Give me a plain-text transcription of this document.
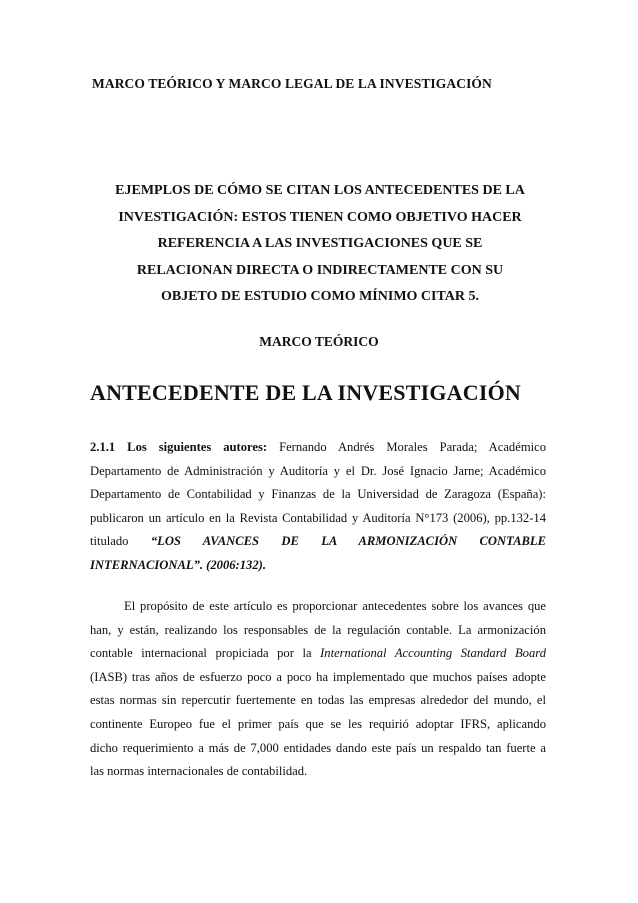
MARCO TEÓRICO Y MARCO LEGAL DE LA INVESTIGACIÓN
EJEMPLOS DE CÓMO SE CITAN LOS ANTECEDENTES DE LA
INVESTIGACIÓN: ESTOS TIENEN COMO OBJETIVO HACER
REFERENCIA A LAS INVESTIGACIONES QUE SE
RELACIONAN DIRECTA O INDIRECTAMENTE CON SU
OBJETO DE ESTUDIO COMO MÍNIMO CITAR 5.
MARCO TEÓRICO
ANTECEDENTE DE LA INVESTIGACIÓN
2.1.1 Los siguientes autores: Fernando Andrés Morales Parada; Académico
Departamento de Administración y Auditoría y el Dr. José Ignacio Jarne; Académico
Departamento de Contabilidad y Finanzas de la Universidad de Zaragoza (España):
publicaron un artículo en la Revista Contabilidad y Auditoría N°173 (2006), pp.132-14
titulado “LOS AVANCES DE LA ARMONIZACIÓN CONTABLE
INTERNACIONAL”. (2006:132).
El propósito de este artículo es proporcionar antecedentes sobre los avances que
han, y están, realizando los responsables de la regulación contable. La armonización
contable internacional propiciada por la International Accounting Standard Board
(IASB) tras años de esfuerzo poco a poco ha implementado que muchos países adopte
estas normas sin repercutir fuertemente en todas las empresas alrededor del mundo, el
continente Europeo fue el primer país que se les requirió adoptar IFRS, aplicando
dicho requerimiento a más de 7,000 entidades dando este país un respaldo tan fuerte a
las normas internacionales de contabilidad.
